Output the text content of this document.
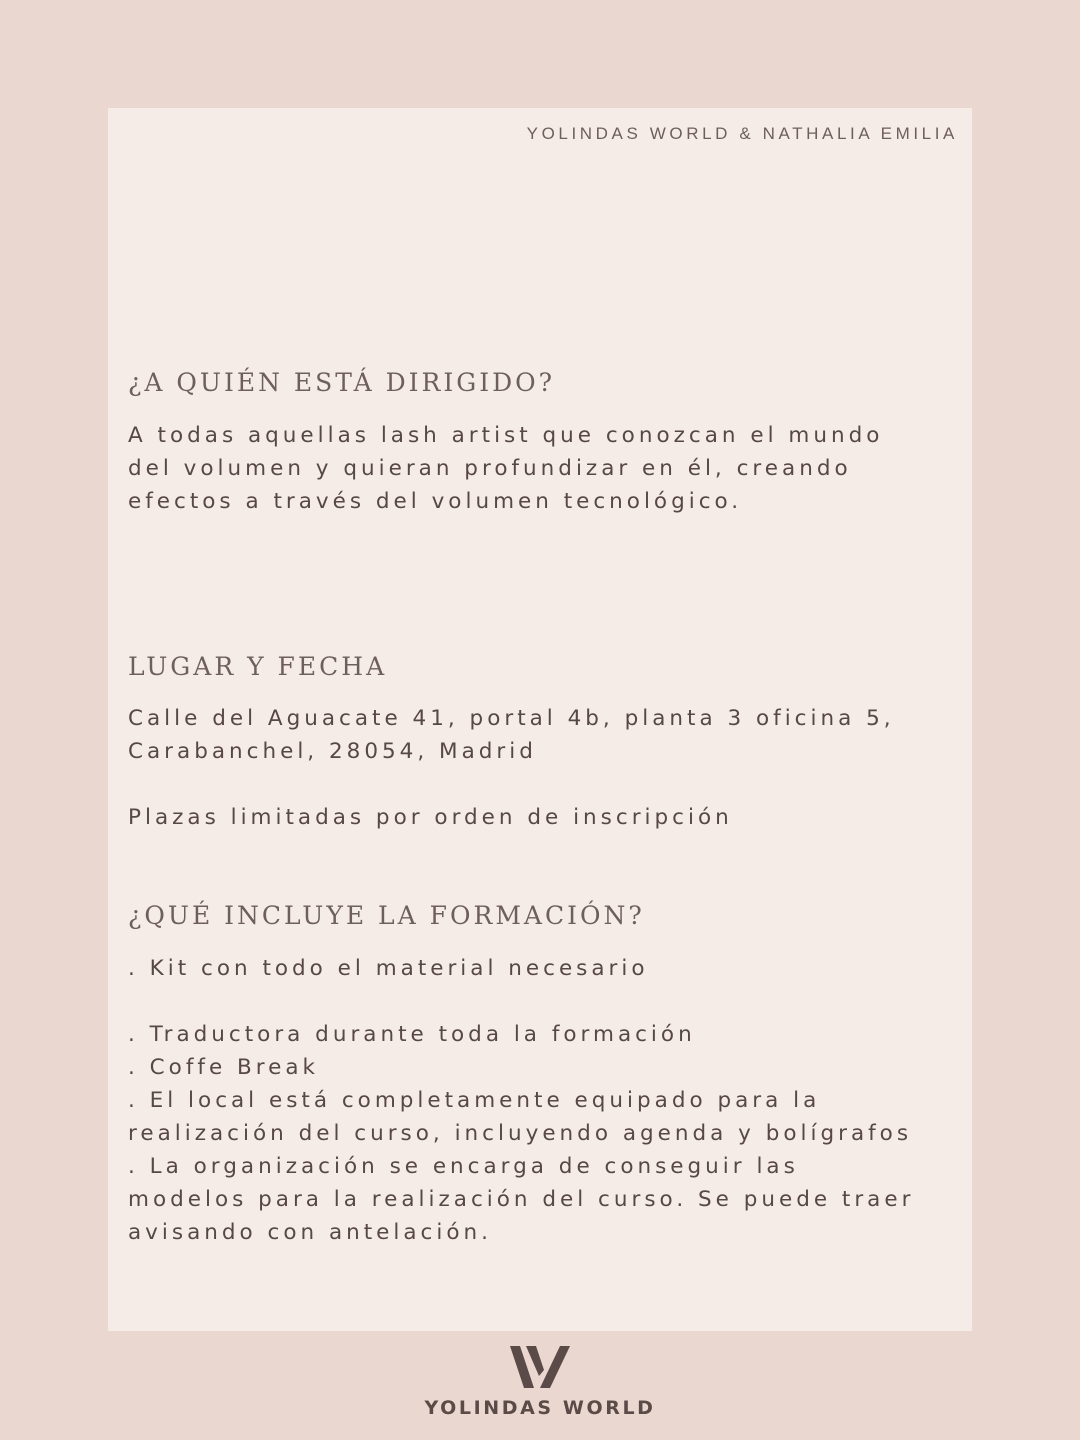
YOLINDAS WORLD & NATHALIA EMILIA
¿A QUIÉN ESTÁ DIRIGIDO?

A todas aquellas lash artist que conozcan el mundo
del volumen y quieran profundizar en él, creando
efectos a través del volumen tecnológico.

LUGAR Y FECHA

Calle del Aguacate 41, portal 4b, planta 3 oficina 5,
Carabanchel, 28054, Madrid

Plazas limitadas por orden de inscripción

¿QUÉ INCLUYE LA FORMACIÓN?

. Kit con todo el material necesario

. Traductora durante toda la formación
. Coffe Break
. El local está completamente equipado para la
realización del curso, incluyendo agenda y bolígrafos
. La organización se encarga de conseguir las
modelos para la realización del curso. Se puede traer
avisando con antelación.

YOLINDAS WORLD
